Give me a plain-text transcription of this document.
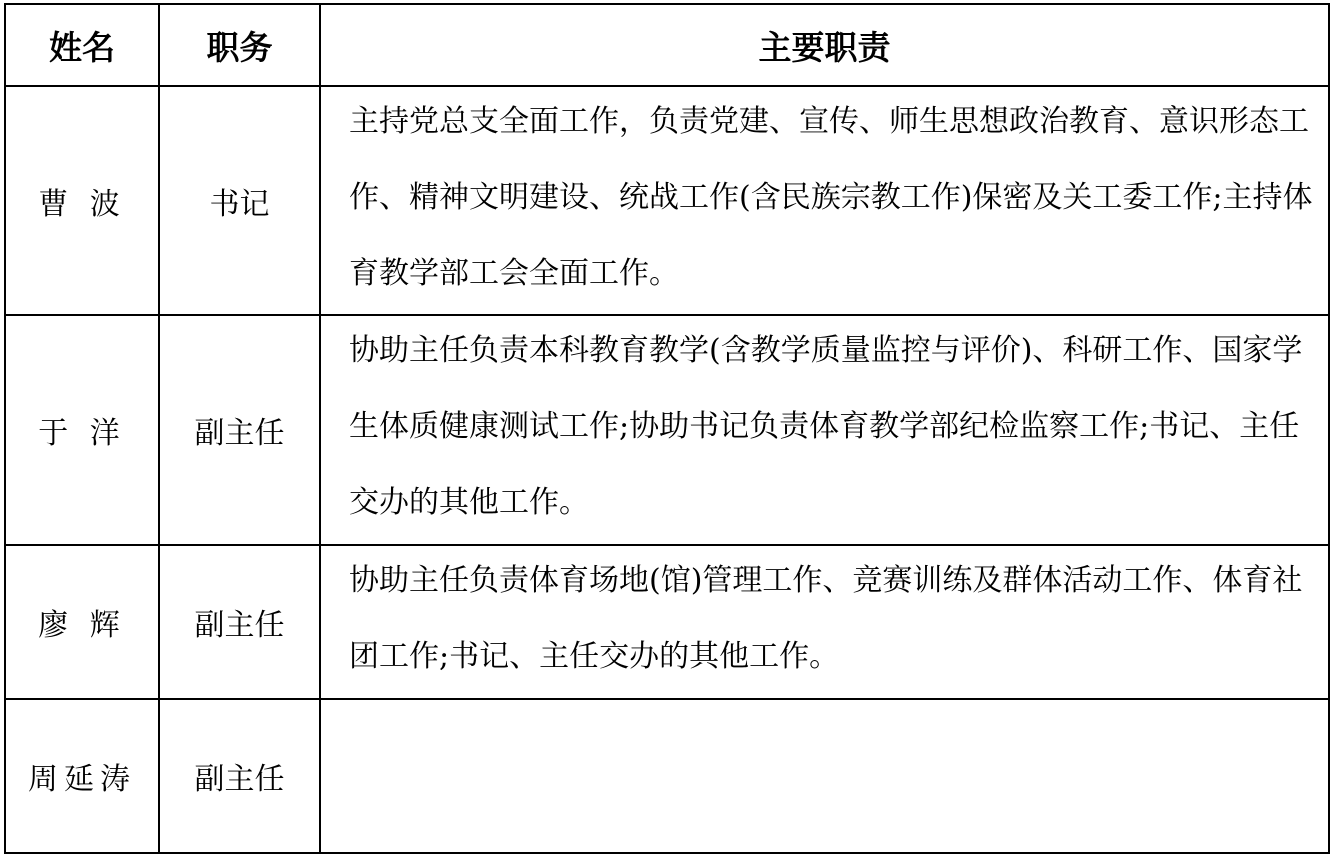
姓名	职务	主要职责
曹 波	书记	主持党总支全面工作，负责党建、宣传、师生思想政治教育、意识形态工作、精神文明建设、统战工作(含民族宗教工作)保密及关工委工作;主持体育教学部工会全面工作。

于 洋	副主任	协助主任负责本科教育教学(含教学质量监控与评价)、科研工作、国家学生体质健康测试工作;协助书记负责体育教学部纪检监察工作;书记、主任交办的其他工作。

廖 辉	副主任	协助主任负责体育场地(馆)管理工作、竞赛训练及群体活动工作、体育社团工作;书记、主任交办的其他工作。

周延涛	副主任	
